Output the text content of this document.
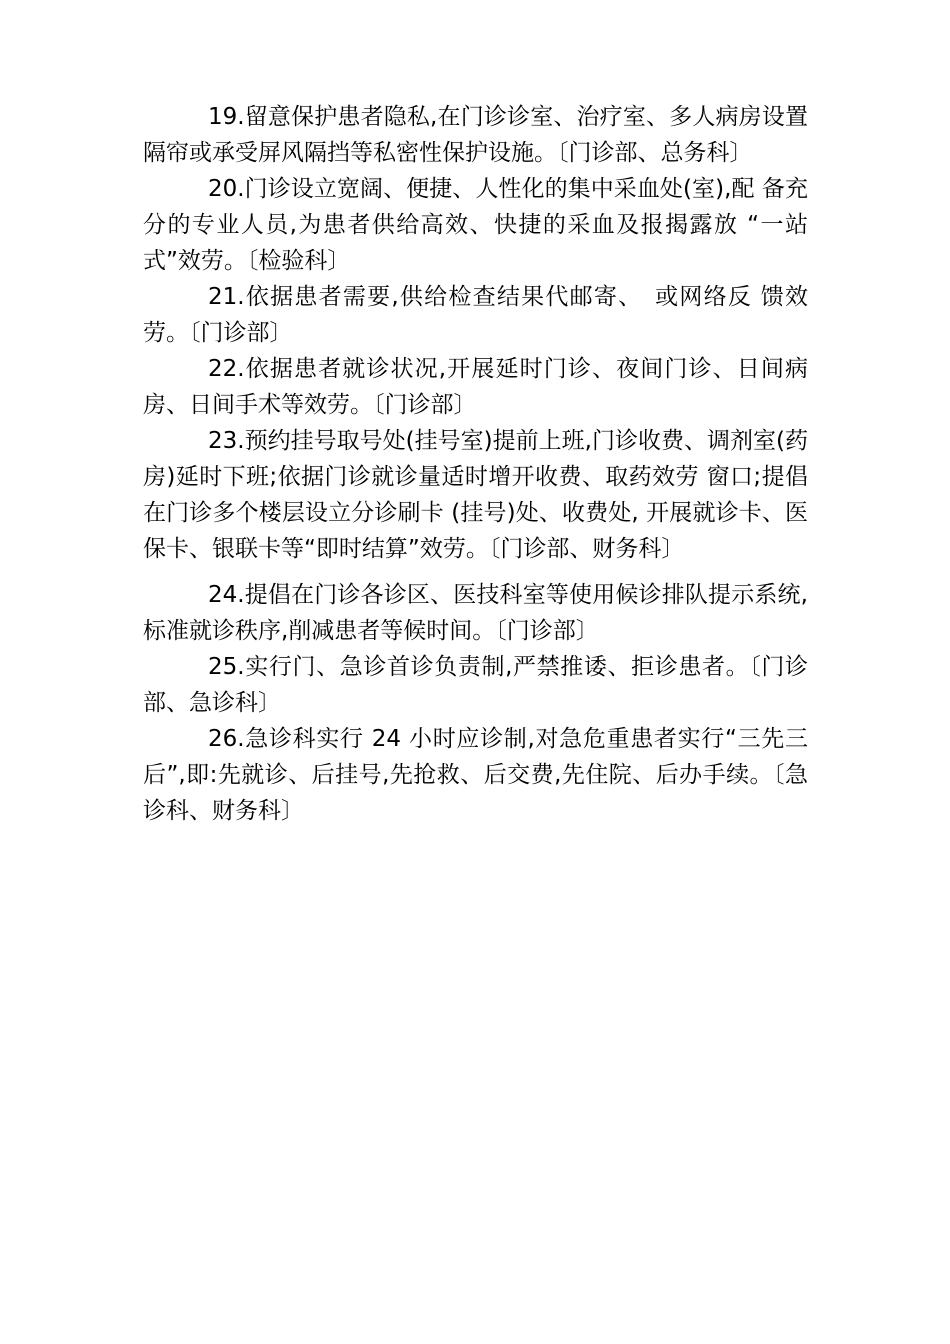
19.留意保护患者隐私,在门诊诊室、治疗室、多人病房设置隔帘或承受屏风隔挡等私密性保护设施。〔门诊部、总务科〕

20.门诊设立宽阔、便捷、人性化的集中采血处(室),配 备充分的专业人员,为患者供给高效、快捷的采血及报揭露放 “一站式”效劳。〔检验科〕

21.依据患者需要,供给检查结果代邮寄、　或网络反 馈效劳。〔门诊部〕

22.依据患者就诊状况,开展延时门诊、夜间门诊、日间病房、日间手术等效劳。〔门诊部〕

23.预约挂号取号处(挂号室)提前上班,门诊收费、调剂室(药房)延时下班;依据门诊就诊量适时增开收费、取药效劳 窗口;提倡在门诊多个楼层设立分诊刷卡 (挂号)处、收费处, 开展就诊卡、医保卡、银联卡等“即时结算”效劳。〔门诊部、财务科〕

24.提倡在门诊各诊区、医技科室等使用候诊排队提示系统,标准就诊秩序,削减患者等候时间。〔门诊部〕

25.实行门、急诊首诊负责制,严禁推诿、拒诊患者。〔门诊部、急诊科〕

26.急诊科实行 24 小时应诊制,对急危重患者实行“三先三后”,即:先就诊、后挂号,先抢救、后交费,先住院、后办手续。〔急诊科、财务科〕
